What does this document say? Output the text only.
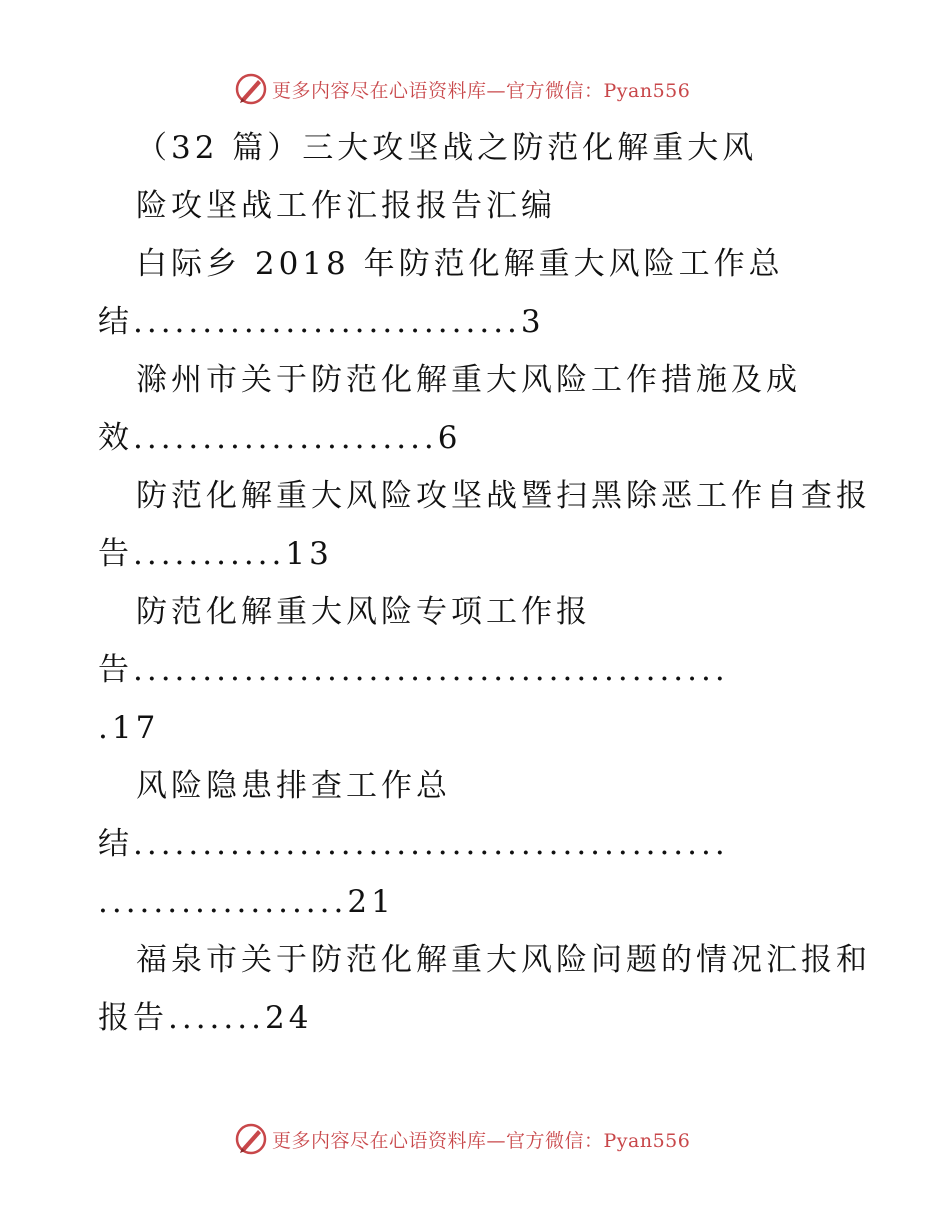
更多内容尽在心语资料库—官方微信：Pyan556
（32 篇）三大攻坚战之防范化解重大风
险攻坚战工作汇报报告汇编
白际乡 2018 年防范化解重大风险工作总
结............................3
滁州市关于防范化解重大风险工作措施及成
效......................6
防范化解重大风险攻坚战暨扫黑除恶工作自查报
告...........13
防范化解重大风险专项工作报
告...........................................
.17
风险隐患排查工作总
结...........................................
..................21
福泉市关于防范化解重大风险问题的情况汇报和
报告.......24
更多内容尽在心语资料库—官方微信：Pyan556
